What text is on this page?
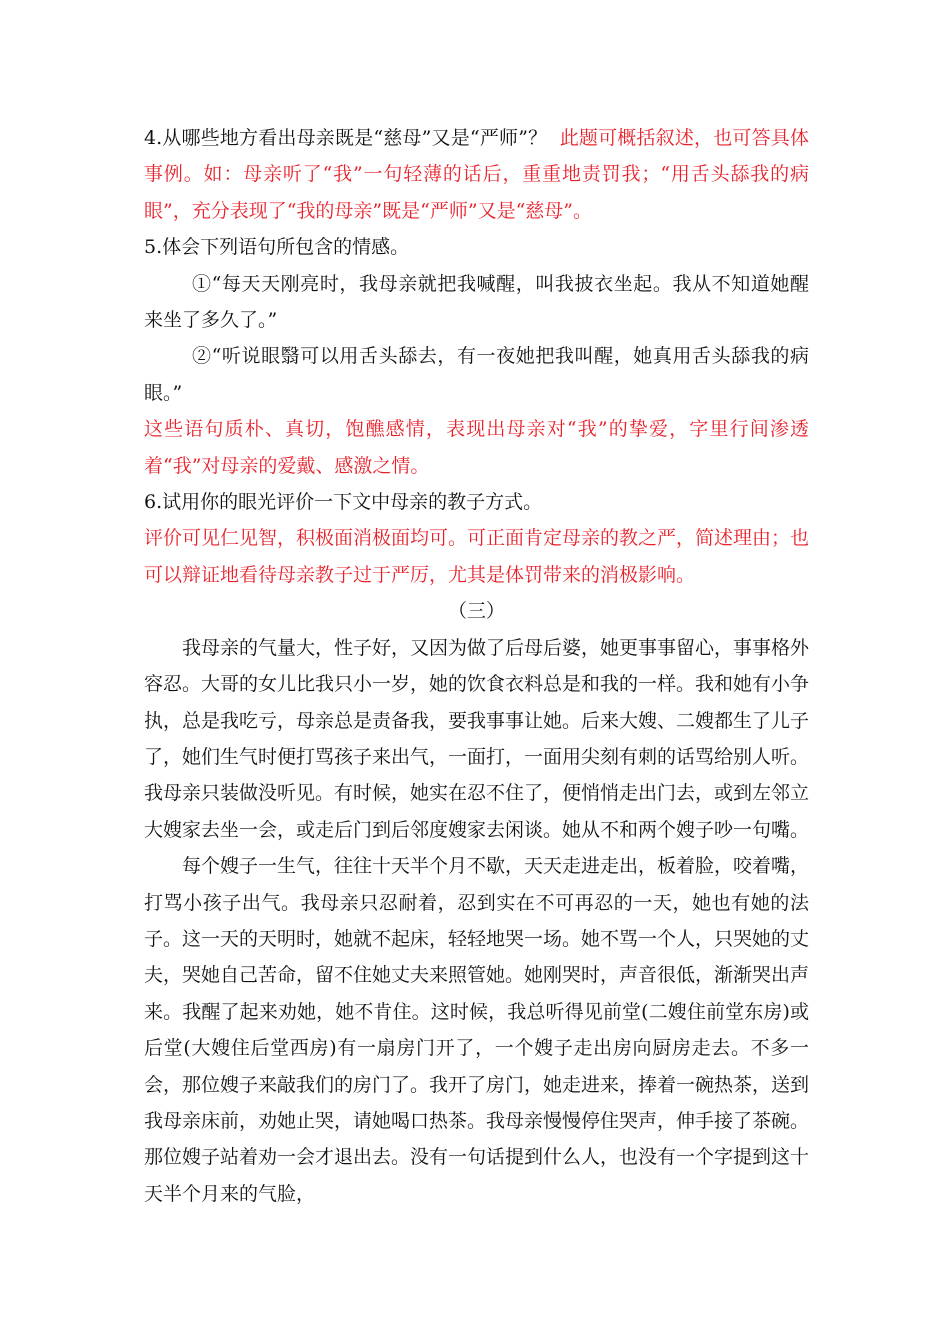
4.从哪些地方看出母亲既是“慈母”又是“严师”？ 此题可概括叙述，也可答具体事例。如：母亲听了“我”一句轻薄的话后，重重地责罚我；“用舌头舔我的病眼”，充分表现了“我的母亲”既是“严师”又是“慈母”。

5.体会下列语句所包含的情感。

①“每天天刚亮时，我母亲就把我喊醒，叫我披衣坐起。我从不知道她醒来坐了多久了。”

②“听说眼翳可以用舌头舔去，有一夜她把我叫醒，她真用舌头舔我的病眼。”

这些语句质朴、真切，饱醮感情，表现出母亲对“我”的挚爱，字里行间渗透着“我”对母亲的爱戴、感激之情。

6.试用你的眼光评价一下文中母亲的教子方式。

评价可见仁见智，积极面消极面均可。可正面肯定母亲的教之严，简述理由；也可以辩证地看待母亲教子过于严厉，尤其是体罚带来的消极影响。

（三）

我母亲的气量大，性子好，又因为做了后母后婆，她更事事留心，事事格外容忍。大哥的女儿比我只小一岁，她的饮食衣料总是和我的一样。我和她有小争执，总是我吃亏，母亲总是责备我，要我事事让她。后来大嫂、二嫂都生了儿子了，她们生气时便打骂孩子来出气，一面打，一面用尖刻有刺的话骂给别人听。我母亲只装做没听见。有时候，她实在忍不住了，便悄悄走出门去，或到左邻立大嫂家去坐一会，或走后门到后邻度嫂家去闲谈。她从不和两个嫂子吵一句嘴。

每个嫂子一生气，往往十天半个月不歇，天天走进走出，板着脸，咬着嘴，打骂小孩子出气。我母亲只忍耐着，忍到实在不可再忍的一天，她也有她的法子。这一天的天明时，她就不起床，轻轻地哭一场。她不骂一个人，只哭她的丈夫，哭她自己苦命，留不住她丈夫来照管她。她刚哭时，声音很低，渐渐哭出声来。我醒了起来劝她，她不肯住。这时候，我总听得见前堂(二嫂住前堂东房)或后堂(大嫂住后堂西房)有一扇房门开了，一个嫂子走出房向厨房走去。不多一会，那位嫂子来敲我们的房门了。我开了房门，她走进来，捧着一碗热茶，送到我母亲床前，劝她止哭，请她喝口热茶。我母亲慢慢停住哭声，伸手接了茶碗。那位嫂子站着劝一会才退出去。没有一句话提到什么人，也没有一个字提到这十天半个月来的气脸，
